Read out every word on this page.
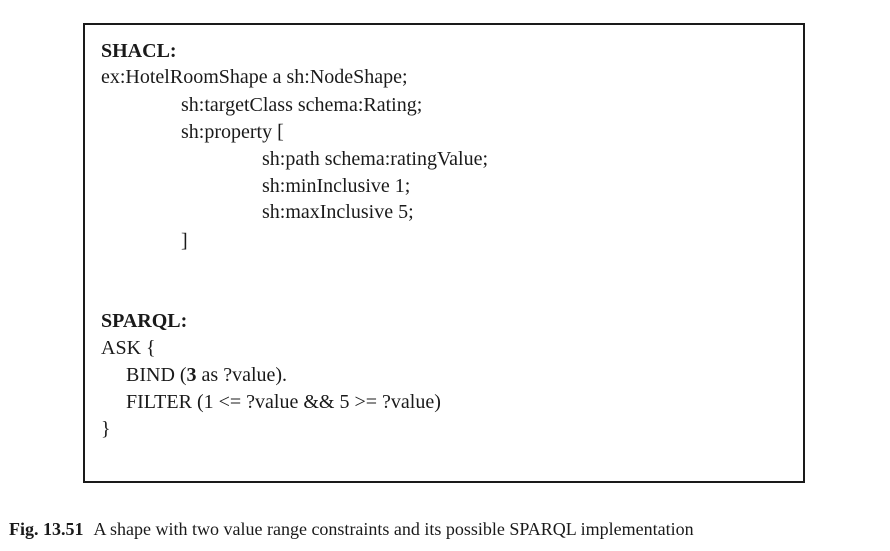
SHACL:
ex:HotelRoomShape a sh:NodeShape;
sh:targetClass schema:Rating;
sh:property [
sh:path schema:ratingValue;
sh:minInclusive 1;
sh:maxInclusive 5;
]
SPARQL:
ASK {
BIND (3 as ?value).
FILTER (1 <= ?value && 5 >= ?value)
}
Fig. 13.51 A shape with two value range constraints and its possible SPARQL implementation
